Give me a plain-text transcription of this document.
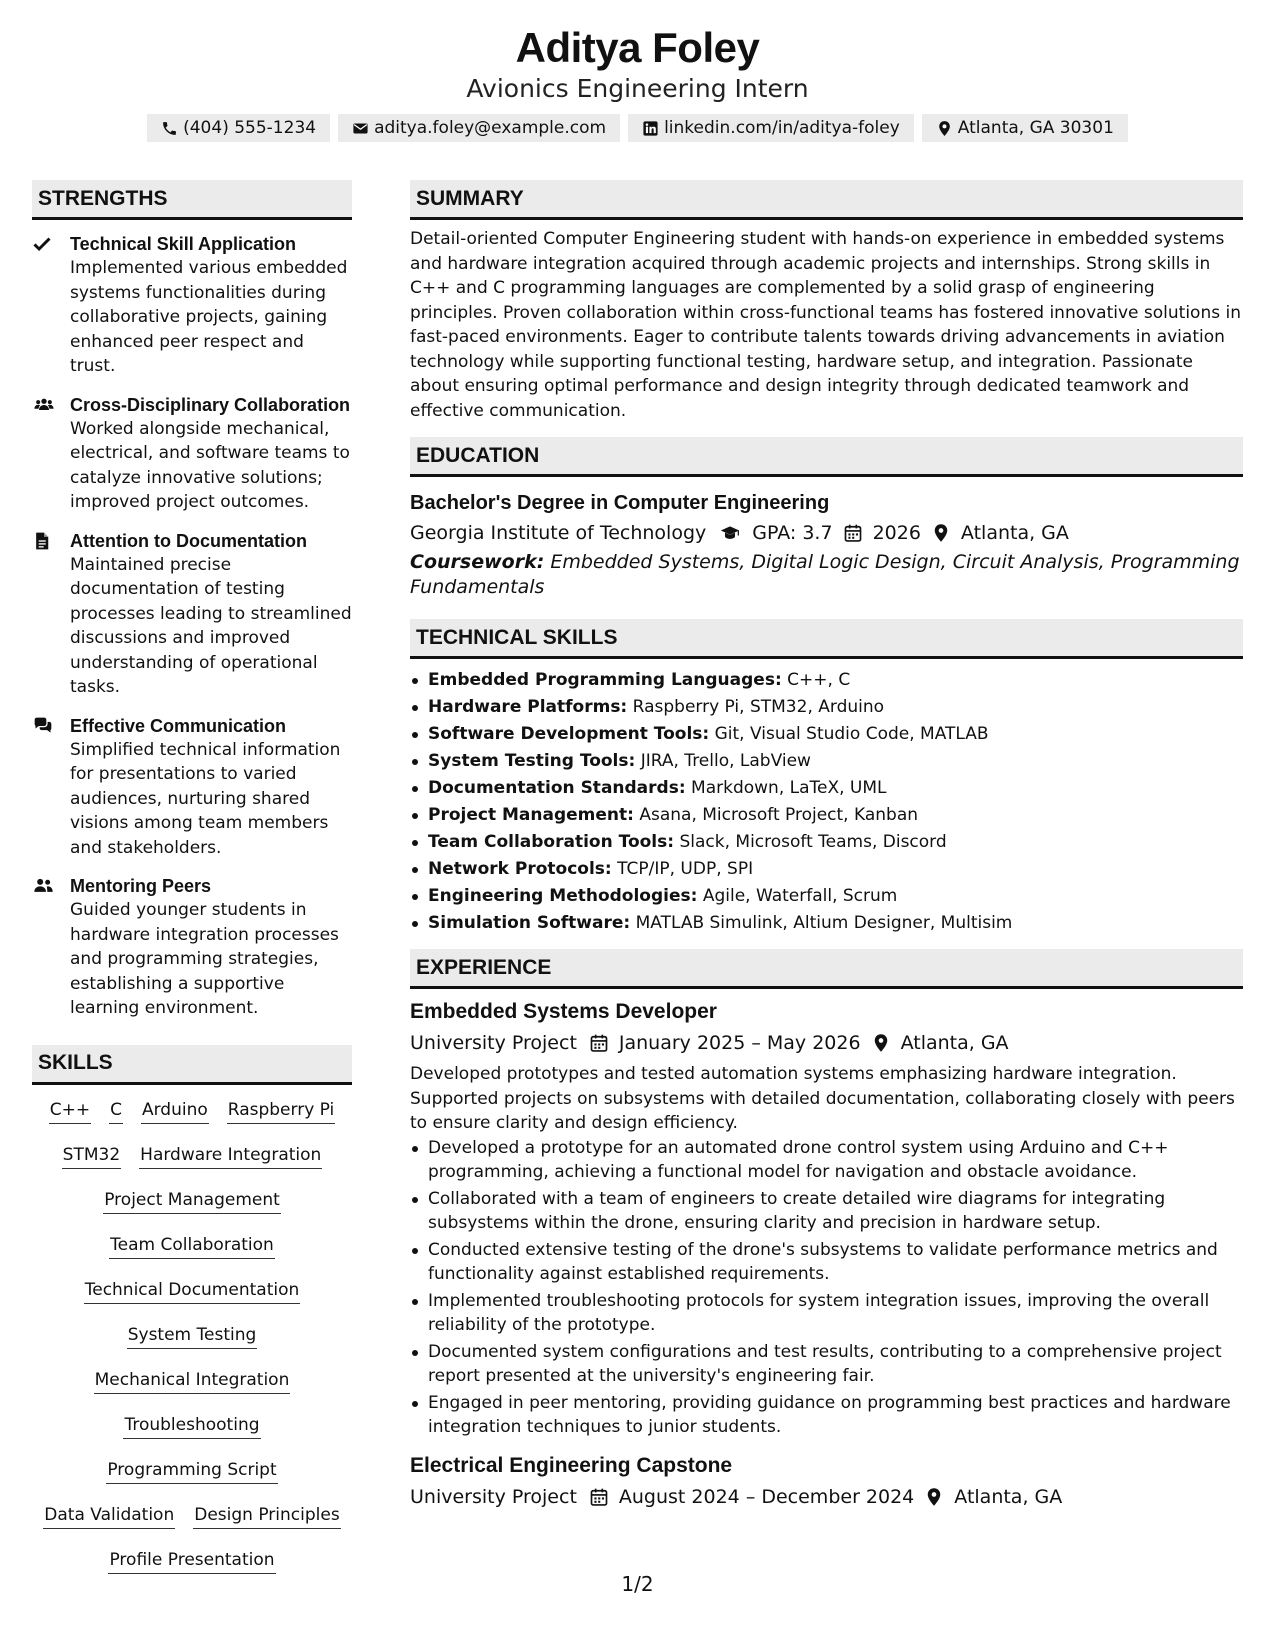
Aditya Foley
Avionics Engineering Intern
(404) 555-1234	aditya.foley@example.com	linkedin.com/in/aditya-foley	Atlanta, GA 30301
STRENGTHS
Technical Skill Application
Implemented various embedded systems functionalities during collaborative projects, gaining enhanced peer respect and trust.
Cross-Disciplinary Collaboration
Worked alongside mechanical, electrical, and software teams to catalyze innovative solutions; improved project outcomes.
Attention to Documentation
Maintained precise documentation of testing processes leading to streamlined discussions and improved understanding of operational tasks.
Effective Communication
Simplified technical information for presentations to varied audiences, nurturing shared visions among team members and stakeholders.
Mentoring Peers
Guided younger students in hardware integration processes and programming strategies, establishing a supportive learning environment.
SKILLS
C++ C Arduino Raspberry Pi
STM32 Hardware Integration
Project Management
Team Collaboration
Technical Documentation
System Testing
Mechanical Integration
Troubleshooting
Programming Script
Data Validation Design Principles
Profile Presentation
SUMMARY
Detail-oriented Computer Engineering student with hands-on experience in embedded systems and hardware integration acquired through academic projects and internships. Strong skills in C++ and C programming languages are complemented by a solid grasp of engineering principles. Proven collaboration within cross-functional teams has fostered innovative solutions in fast-paced environments. Eager to contribute talents towards driving advancements in aviation technology while supporting functional testing, hardware setup, and integration. Passionate about ensuring optimal performance and design integrity through dedicated teamwork and effective communication.
EDUCATION
Bachelor's Degree in Computer Engineering
Georgia Institute of Technology GPA: 3.7 2026 Atlanta, GA
Coursework: Embedded Systems, Digital Logic Design, Circuit Analysis, Programming Fundamentals
TECHNICAL SKILLS
Embedded Programming Languages: C++, C
Hardware Platforms: Raspberry Pi, STM32, Arduino
Software Development Tools: Git, Visual Studio Code, MATLAB
System Testing Tools: JIRA, Trello, LabView
Documentation Standards: Markdown, LaTeX, UML
Project Management: Asana, Microsoft Project, Kanban
Team Collaboration Tools: Slack, Microsoft Teams, Discord
Network Protocols: TCP/IP, UDP, SPI
Engineering Methodologies: Agile, Waterfall, Scrum
Simulation Software: MATLAB Simulink, Altium Designer, Multisim
EXPERIENCE
Embedded Systems Developer
University Project January 2025 – May 2026 Atlanta, GA
Developed prototypes and tested automation systems emphasizing hardware integration. Supported projects on subsystems with detailed documentation, collaborating closely with peers to ensure clarity and design efficiency.
Developed a prototype for an automated drone control system using Arduino and C++ programming, achieving a functional model for navigation and obstacle avoidance.
Collaborated with a team of engineers to create detailed wire diagrams for integrating subsystems within the drone, ensuring clarity and precision in hardware setup.
Conducted extensive testing of the drone's subsystems to validate performance metrics and functionality against established requirements.
Implemented troubleshooting protocols for system integration issues, improving the overall reliability of the prototype.
Documented system configurations and test results, contributing to a comprehensive project report presented at the university's engineering fair.
Engaged in peer mentoring, providing guidance on programming best practices and hardware integration techniques to junior students.
Electrical Engineering Capstone
University Project August 2024 – December 2024 Atlanta, GA
1/2
